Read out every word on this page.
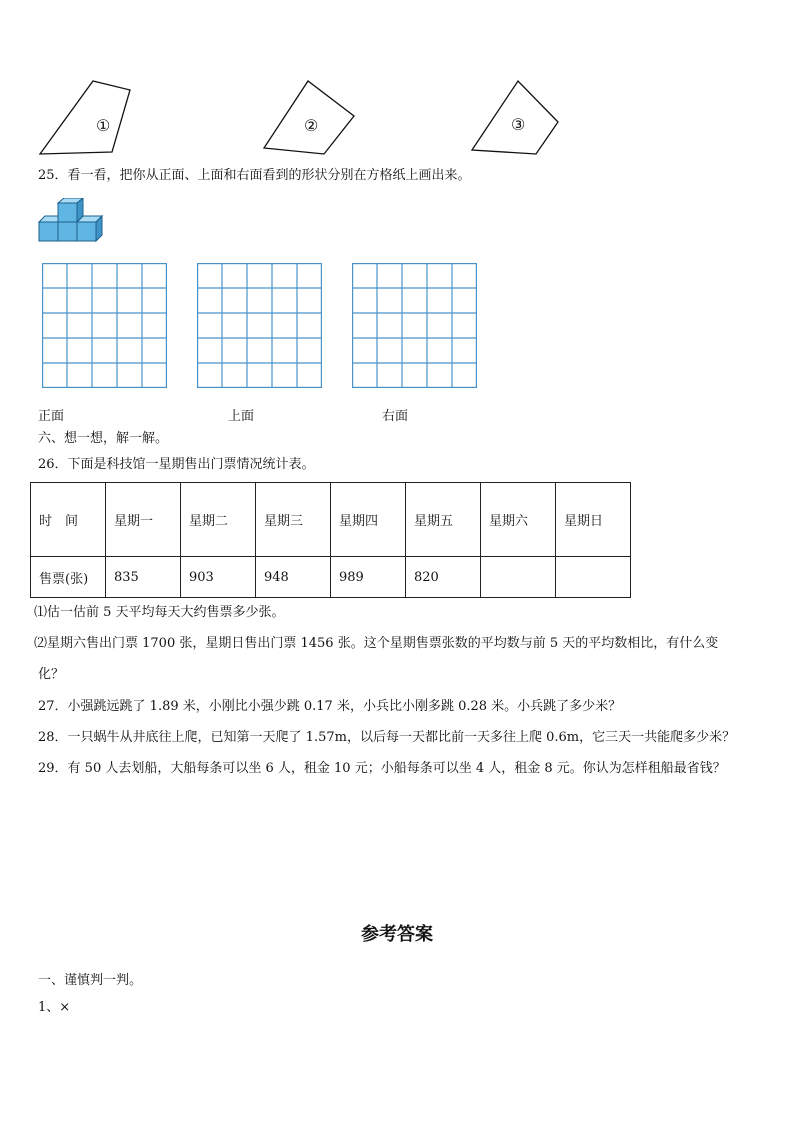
①	②	③
25．看一看，把你从正面、上面和右面看到的形状分别在方格纸上画出来。
正面	上面	右面
六、想一想，解一解。
26．下面是科技馆一星期售出门票情况统计表。
时　间	星期一	星期二	星期三	星期四	星期五	星期六	星期日
售票(张)	835	903	948	989	820		
⑴估一估前 5 天平均每天大约售票多少张。
⑵星期六售出门票 1700 张，星期日售出门票 1456 张。这个星期售票张数的平均数与前 5 天的平均数相比，有什么变
化？
27．小强跳远跳了 1.89 米，小刚比小强少跳 0.17 米，小兵比小刚多跳 0.28 米。小兵跳了多少米？
28．一只蜗牛从井底往上爬，已知第一天爬了 1.57m，以后每一天都比前一天多往上爬 0.6m，它三天一共能爬多少米？
29．有 50 人去划船，大船每条可以坐 6 人，租金 10 元；小船每条可以坐 4 人，租金 8 元。你认为怎样租船最省钱？
参考答案
一、谨慎判一判。
1、×
